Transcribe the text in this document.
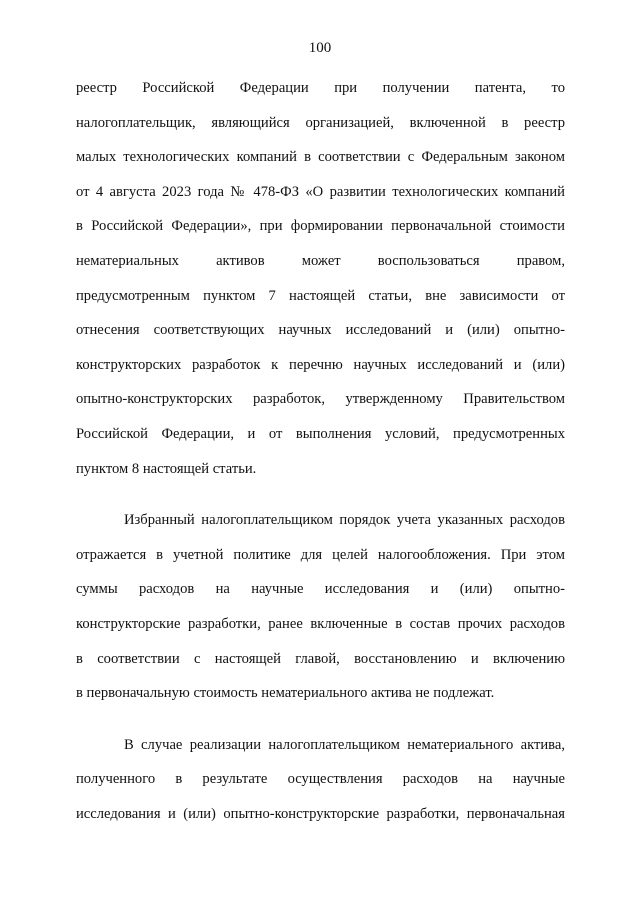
100
реестр Российской Федерации при получении патента, то
налогоплательщик, являющийся организацией, включенной в реестр
малых технологических компаний в соответствии с Федеральным законом
от 4 августа 2023 года № 478-ФЗ «О развитии технологических компаний
в Российской Федерации», при формировании первоначальной стоимости
нематериальных активов может воспользоваться правом,
предусмотренным пунктом 7 настоящей статьи, вне зависимости от
отнесения соответствующих научных исследований и (или) опытно-
конструкторских разработок к перечню научных исследований и (или)
опытно-конструкторских разработок, утвержденному Правительством
Российской Федерации, и от выполнения условий, предусмотренных
пунктом 8 настоящей статьи.
Избранный налогоплательщиком порядок учета указанных расходов
отражается в учетной политике для целей налогообложения. При этом
суммы расходов на научные исследования и (или) опытно-
конструкторские разработки, ранее включенные в состав прочих расходов
в соответствии с настоящей главой, восстановлению и включению
в первоначальную стоимость нематериального актива не подлежат.
В случае реализации налогоплательщиком нематериального актива,
полученного в результате осуществления расходов на научные
исследования и (или) опытно-конструкторские разработки, первоначальная
